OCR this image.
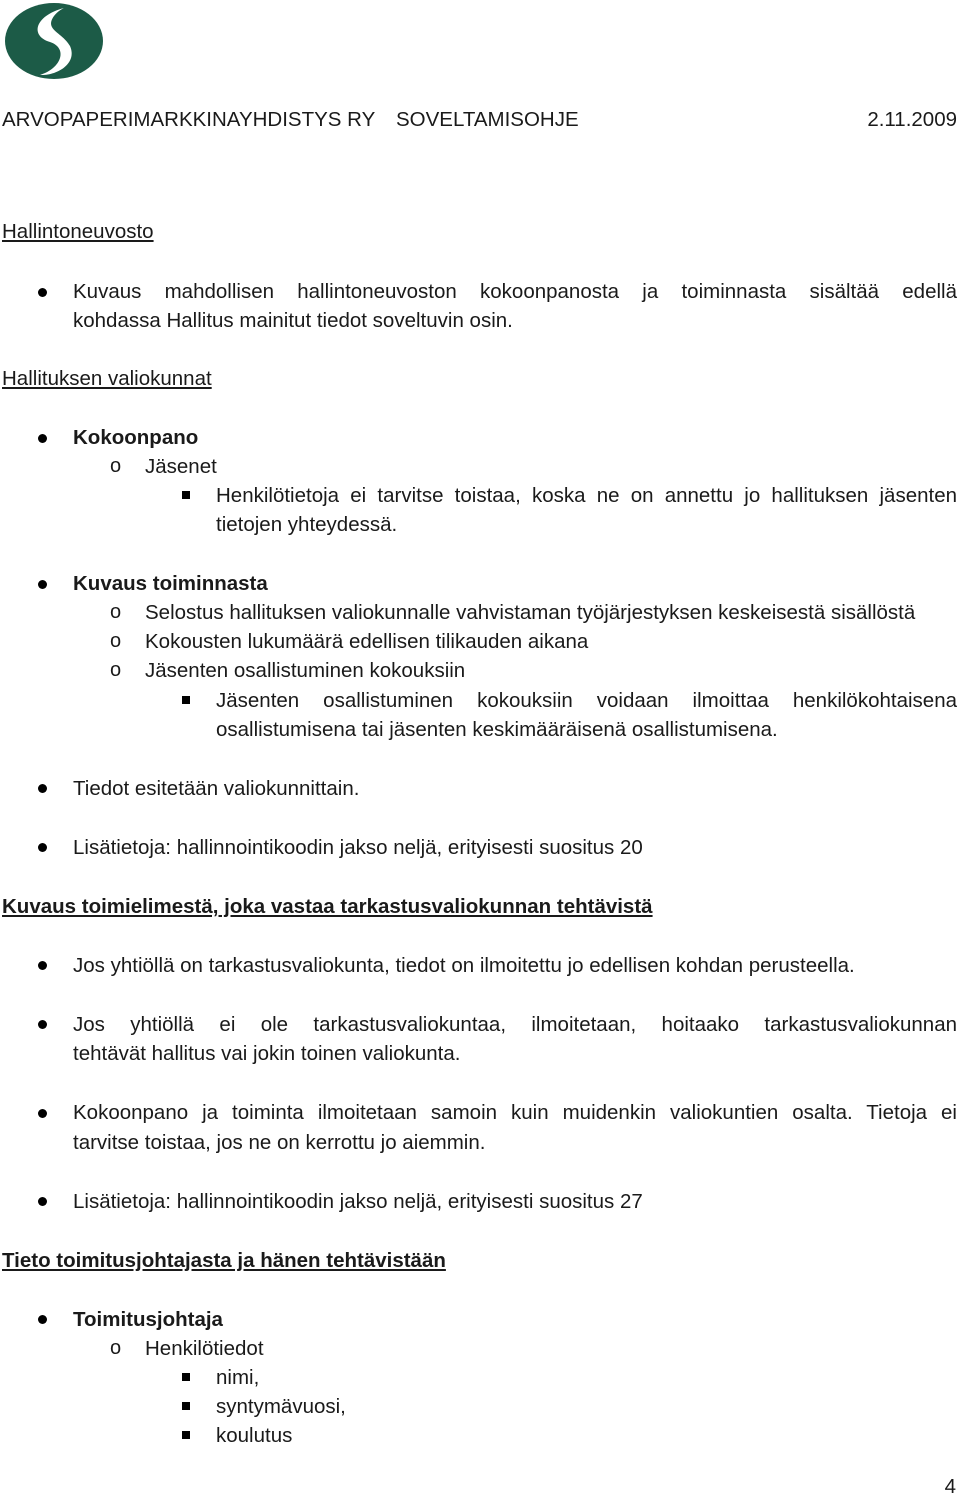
ARVOPAPERIMARKKINAYHDISTYS RY SOVELTAMISOHJE	2.11.2009
Hallintoneuvosto
Kuvaus mahdollisen hallintoneuvoston kokoonpanosta ja toiminnasta sisältää edellä
kohdassa Hallitus mainitut tiedot soveltuvin osin.
Hallituksen valiokunnat
Kokoonpano
o Jäsenet
Henkilötietoja ei tarvitse toistaa, koska ne on annettu jo hallituksen jäsenten
tietojen yhteydessä.
Kuvaus toiminnasta
o Selostus hallituksen valiokunnalle vahvistaman työjärjestyksen keskeisestä sisällöstä
o Kokousten lukumäärä edellisen tilikauden aikana
o Jäsenten osallistuminen kokouksiin
Jäsenten osallistuminen kokouksiin voidaan ilmoittaa henkilökohtaisena
osallistumisena tai jäsenten keskimääräisenä osallistumisena.
Tiedot esitetään valiokunnittain.
Lisätietoja: hallinnointikoodin jakso neljä, erityisesti suositus 20
Kuvaus toimielimestä, joka vastaa tarkastusvaliokunnan tehtävistä
Jos yhtiöllä on tarkastusvaliokunta, tiedot on ilmoitettu jo edellisen kohdan perusteella.
Jos yhtiöllä ei ole tarkastusvaliokuntaa, ilmoitetaan, hoitaako tarkastusvaliokunnan
tehtävät hallitus vai jokin toinen valiokunta.
Kokoonpano ja toiminta ilmoitetaan samoin kuin muidenkin valiokuntien osalta. Tietoja ei
tarvitse toistaa, jos ne on kerrottu jo aiemmin.
Lisätietoja: hallinnointikoodin jakso neljä, erityisesti suositus 27
Tieto toimitusjohtajasta ja hänen tehtävistään
Toimitusjohtaja
o Henkilötiedot
nimi,
syntymävuosi,
koulutus
4
